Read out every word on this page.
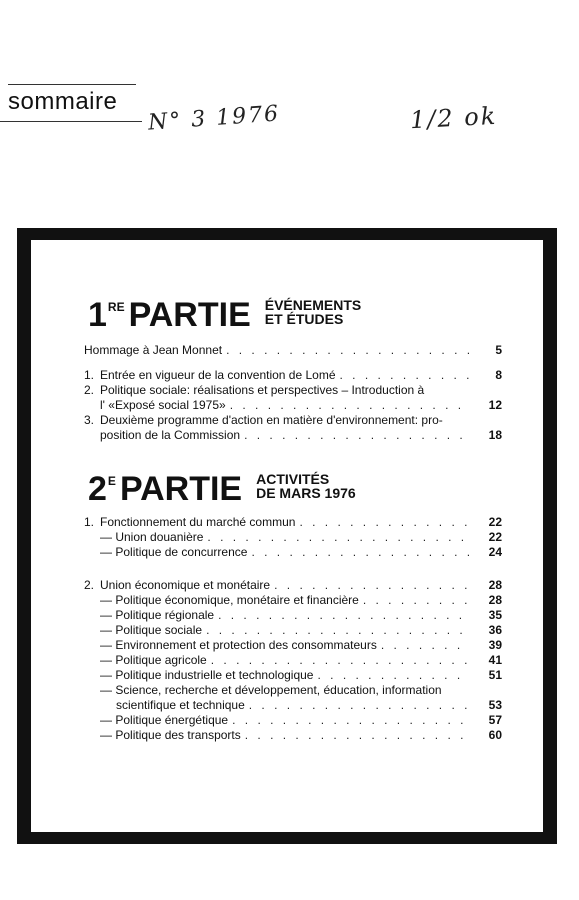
sommaire N° 3 1976	1/2 ok
1 RE PARTIE ÉVÉNEMENTS
ET ÉTUDES
Hommage à Jean Monnet . . .	5
1. Entrée en vigueur de la convention de Lomé . . .	8
2. Politique sociale: réalisations et perspectives – Introduction à
l' «Exposé social 1975» . . .	12
3. Deuxième programme d'action en matière d'environnement: pro-
position de la Commission . . .	18
2 E PARTIE ACTIVITÉS
DE MARS 1976
1. Fonctionnement du marché commun . . .	22
— Union douanière . . .	22
— Politique de concurrence . . .	24
2. Union économique et monétaire . . .	28
— Politique économique, monétaire et financière . . .	28
— Politique régionale . . .	35
— Politique sociale . . .	36
— Environnement et protection des consommateurs . . .	39
— Politique agricole . . .	41
— Politique industrielle et technologique . . .	51
— Science, recherche et développement, éducation, information
scientifique et technique . . .	53
— Politique énergétique . . .	57
— Politique des transports . . .	60
